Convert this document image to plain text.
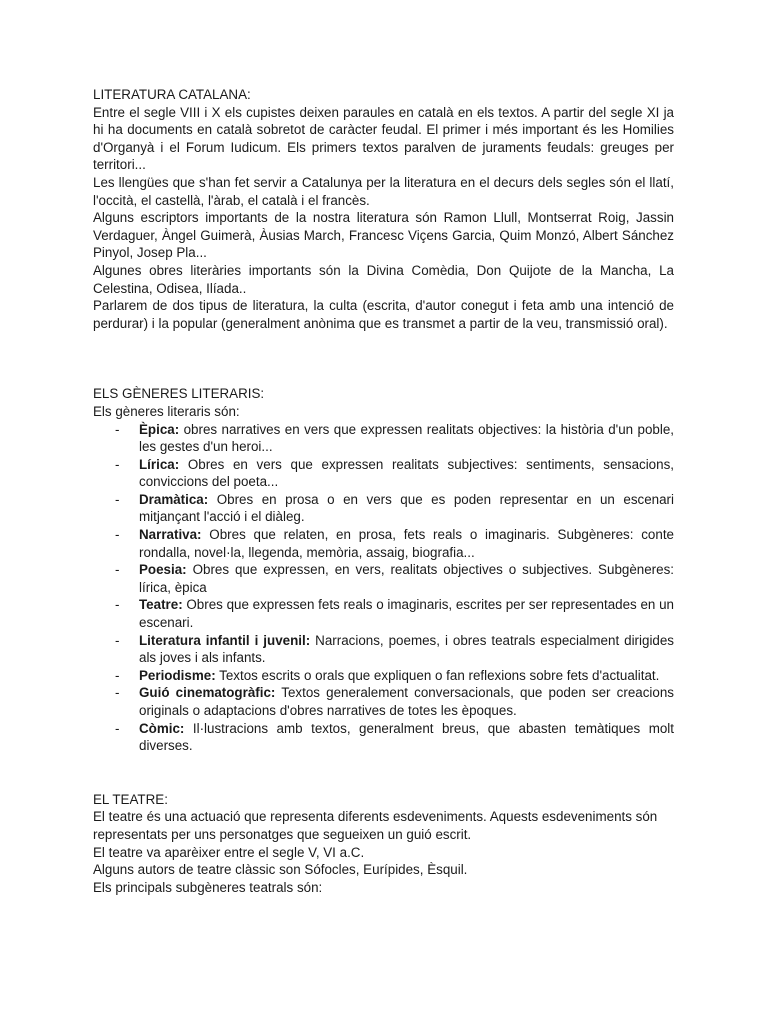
LITERATURA CATALANA:

Entre el segle VIII i X els cupistes deixen paraules en català en els textos. A partir del segle XI ja hi ha documents en català sobretot de caràcter feudal. El primer i més important és les Homilies d'Organyà i el Forum Iudicum. Els primers textos paralven de juraments feudals: greuges per territori...

Les llengües que s'han fet servir a Catalunya per la literatura en el decurs dels segles són el llatí, l'occità, el castellà, l'àrab, el català i el francès.

Alguns escriptors importants de la nostra literatura són Ramon Llull, Montserrat Roig, Jassin Verdaguer, Àngel Guimerà, Àusias March, Francesc Viçens Garcia, Quim Monzó, Albert Sánchez Pinyol, Josep Pla...

Algunes obres literàries importants són la Divina Comèdia, Don Quijote de la Mancha, La Celestina, Odisea, Ilíada..

Parlarem de dos tipus de literatura, la culta (escrita, d'autor conegut i feta amb una intenció de perdurar) i la popular (generalment anònima que es transmet a partir de la veu, transmissió oral).

ELS GÈNERES LITERARIS:

Els gèneres literaris són:

- Èpica: obres narratives en vers que expressen realitats objectives: la història d'un poble, les gestes d'un heroi...
- Lírica: Obres en vers que expressen realitats subjectives: sentiments, sensacions, conviccions del poeta...
- Dramàtica: Obres en prosa o en vers que es poden representar en un escenari mitjançant l'acció i el diàleg.
- Narrativa: Obres que relaten, en prosa, fets reals o imaginaris. Subgèneres: conte rondalla, novel·la, llegenda, memòria, assaig, biografia...
- Poesia: Obres que expressen, en vers, realitats objectives o subjectives. Subgèneres: lírica, èpica
- Teatre: Obres que expressen fets reals o imaginaris, escrites per ser representades en un escenari.
- Literatura infantil i juvenil: Narracions, poemes, i obres teatrals especialment dirigides als joves i als infants.
- Periodisme: Textos escrits o orals que expliquen o fan reflexions sobre fets d'actualitat.
- Guió cinematogràfic: Textos generalement conversacionals, que poden ser creacions originals o adaptacions d'obres narratives de totes les èpoques.
- Còmic: Il·lustracions amb textos, generalment breus, que abasten temàtiques molt diverses.

EL TEATRE:

El teatre és una actuació que representa diferents esdeveniments. Aquests esdeveniments són representats per uns personatges que segueixen un guió escrit.

El teatre va aparèixer entre el segle V, VI a.C.

Alguns autors de teatre clàssic son Sófocles, Eurípides, Èsquil.

Els principals subgèneres teatrals són:
